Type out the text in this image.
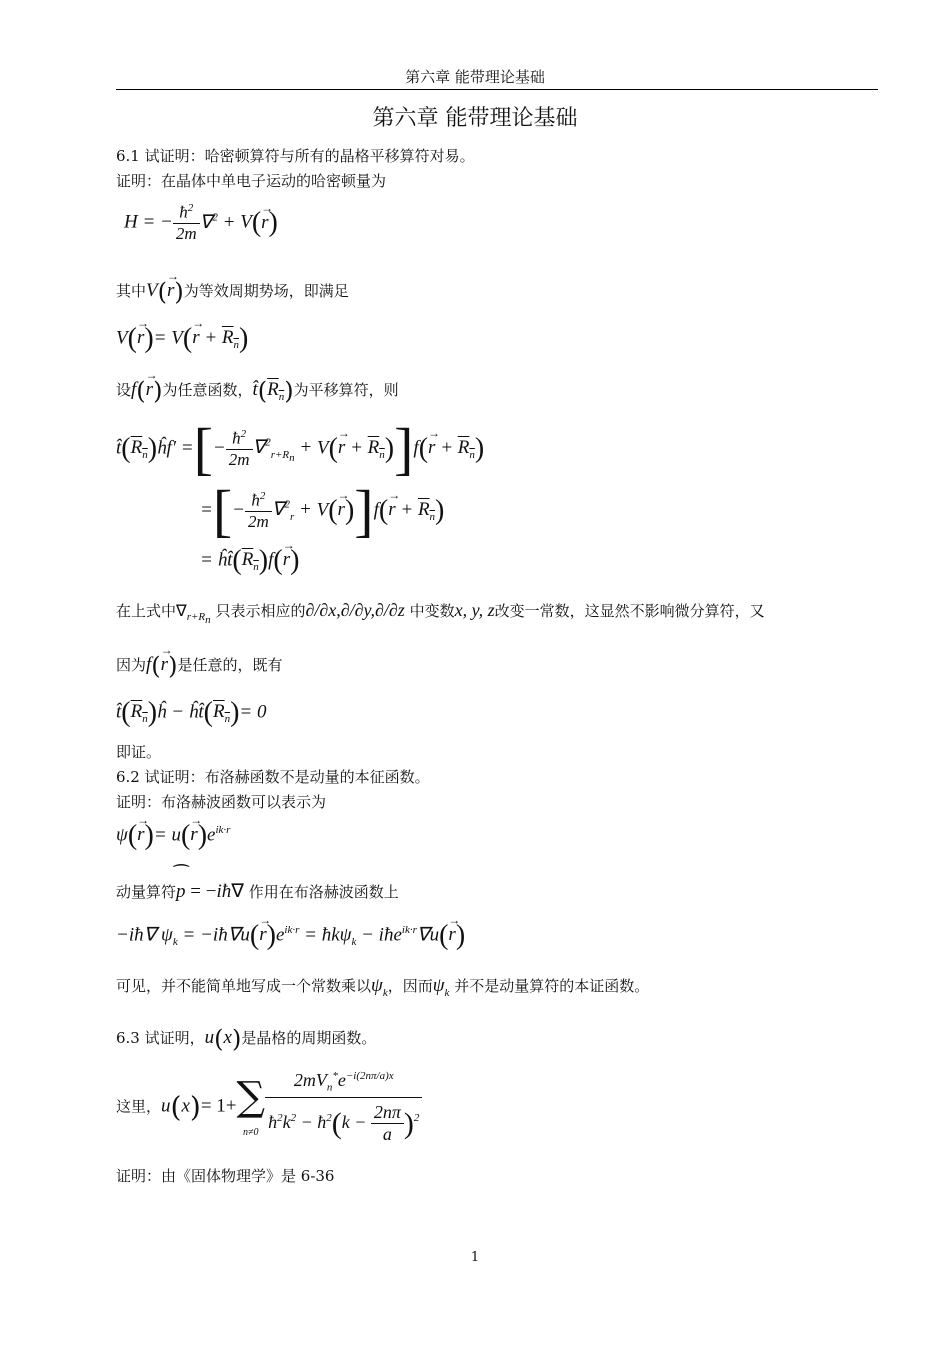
第六章 能带理论基础
第六章 能带理论基础
6.1 试证明：哈密顿算符与所有的晶格平移算符对易。
证明：在晶体中单电子运动的哈密顿量为
H = − $\frac{ħ^2}{2m} \nabla^2 + V(r$ →)
其中V(r →)为等效周期势场，即满足
V(r →)= V(r → + $R_n$)
设f(r →)为任意函数，$t̂(R_n)$为平移算符，则
$t̂(R_n)ĥf'$ =[− $\frac{ħ^2}{2m} \nabla^2_{r+R_n} + V(r$ → + $R_n)]f(r$ → + $R_n$)
=[− $\frac{ħ^2}{2m} \nabla^2_r + V(r \to)]f(r$ → + $R_n$)
= $ĥt̂(R_n)f(r$ →)
在上式中$\nabla_{r+R_n}$ 只表示相应的∂/∂x,∂/∂y,∂/∂z 中变数x, y, z改变一常数，这显然不影响微分算符，又
因为f(r →)是任意的，既有
$t̂(R_n)ĥ$ − $ĥt̂(R_n)= 0$
即证。
6.2 试证明：布洛赫函数不是动量的本征函数。
证明：布洛赫波函数可以表示为
ψ(r →)= $u(r \to)e^{ik\cdot r}$
动量算符p
⁀
= −iħ∇ 作用在布洛赫波函数上
−iħ∇ $\psi_k$ = −iħ∇u(r $\to)e^{ik\cdot r}$ = ħkψ$_k$ − iħe$^{ik\cdot r}$∇u(r →)
可见，并不能简单地写成一个常数乘以$\psi_k$，因而$\psi_k$ 并不是动量算符的本证函数。
6.3 试证明，u(x)是晶格的周期函数。
这里，u(x)= 1+∑
$n\ne 0 \frac{2mV_n^*e^{-i(2n\pi/a)x}}{ħ^2k^2 - ħ^2(k - \frac{2n\pi}{a} )^2}$
证明：由《固体物理学》是 6-36
1
